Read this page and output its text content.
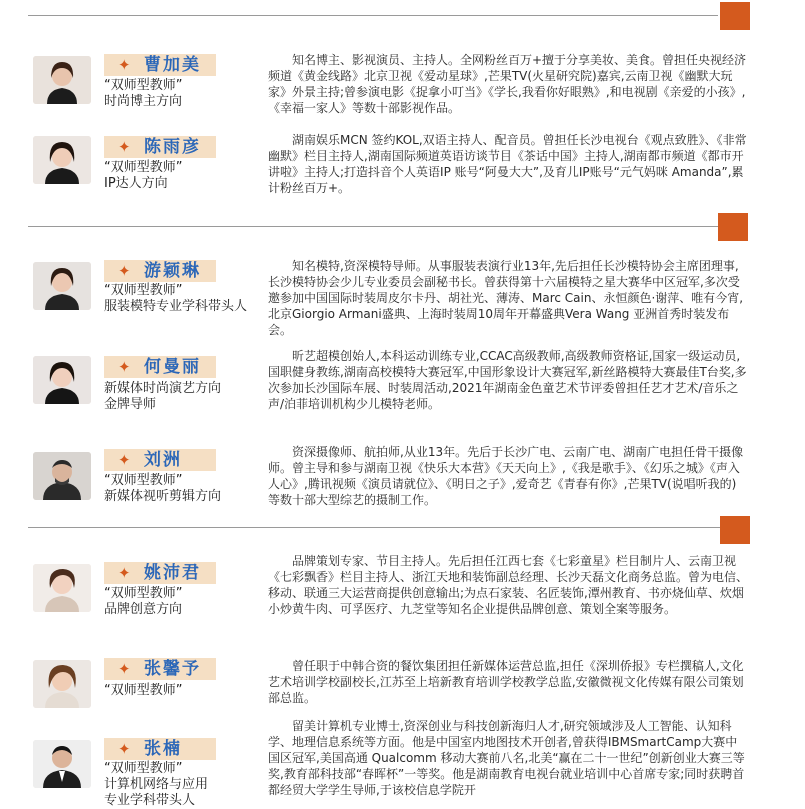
✦ 曹加美
“双师型教师”
时尚博主方向

知名博主、影视演员、主持人。全网粉丝百万+擅于分享美妆、美食。曾担任央视经济频道《黄金线路》北京卫视《爱动星球》,芒果TV(火星研究院)嘉宾,云南卫视《幽默大玩家》外景主持;曾参演电影《捉拿小叮当》《学长,我看你好眼熟》,和电视剧《亲爱的小孩》,《幸福一家人》等数十部影视作品。

✦ 陈雨彦
“双师型教师”
IP达人方向

湖南娱乐MCN 签约KOL,双语主持人、配音员。曾担任长沙电视台《观点致胜》、《非常幽默》栏目主持人,湖南国际频道英语访谈节目《茶话中国》主持人,湖南都市频道《都市开讲啦》主持人;打造抖音个人英语IP 账号“阿曼大大”,及育儿IP账号“元气妈咪 Amanda”,累计粉丝百万+。

✦ 游颖琳
“双师型教师”
服装模特专业学科带头人

知名模特,资深模特导师。从事服装表演行业13年,先后担任长沙模特协会主席团理事,长沙模特协会少儿专业委员会副秘书长。曾获得第十六届模特之星大赛华中区冠军,多次受邀参加中国国际时装周皮尔卡丹、胡社光、薄涛、Marc Cain、永恒颜色·谢萍、唯有今宵,北京Giorgio Armani盛典、上海时装周10周年开幕盛典Vera Wang 亚洲首秀时装发布会。

✦ 何曼丽
新媒体时尚演艺方向
金牌导师

昕艺超模创始人,本科运动训练专业,CCAC高级教师,高级教师资格证,国家一级运动员,国职健身教练,湖南高校模特大赛冠军,中国形象设计大赛冠军,新丝路模特大赛最佳T台奖,多次参加长沙国际车展、时装周活动,2021年湖南金色童艺术节评委曾担任艺才艺术/音乐之声/泊菲培训机构少儿模特老师。

✦ 刘洲
“双师型教师”
新媒体视听剪辑方向

资深摄像师、航拍师,从业13年。先后于长沙广电、云南广电、湖南广电担任骨干摄像师。曾主导和参与湖南卫视《快乐大本营》《天天向上》,《我是歌手》、《幻乐之城》《声入人心》,腾讯视频《演员请就位》、《明日之子》,爱奇艺《青春有你》,芒果TV(说唱听我的)等数十部大型综艺的摄制工作。

✦ 姚沛君
“双师型教师”
品牌创意方向

品牌策划专家、节目主持人。先后担任江西七套《七彩童星》栏目制片人、云南卫视《七彩飘香》栏目主持人、浙江天地和装饰副总经理、长沙天磊文化商务总监。曾为电信、移动、联通三大运营商提供创意输出;为点石家装、名匠装饰,潭州教育、书亦烧仙草、炊烟小炒黄牛肉、可孚医疗、九芝堂等知名企业提供品牌创意、策划全案等服务。

✦ 张馨予
“双师型教师”

曾任职于中韩合资的餐饮集团担任新媒体运营总监,担任《深圳侨报》专栏撰稿人,文化艺术培训学校副校长,江苏至上培新教育培训学校教学总监,安徽微视文化传媒有限公司策划部总监。

✦ 张楠
“双师型教师”
计算机网络与应用
专业学科带头人

留美计算机专业博士,资深创业与科技创新海归人才,研究领域涉及人工智能、认知科学、地理信息系统等方面。他是中国室内地图技术开创者,曾获得IBMSmartCamp大赛中国区冠军,美国高通 Qualcomm 移动大赛前八名,北美“赢在二十一世纪”创新创业大赛三等奖,教育部科技部“春晖杯”一等奖。他是湖南教育电视台就业培训中心首席专家;同时获聘首都经贸大学学生导师,于该校信息学院开
